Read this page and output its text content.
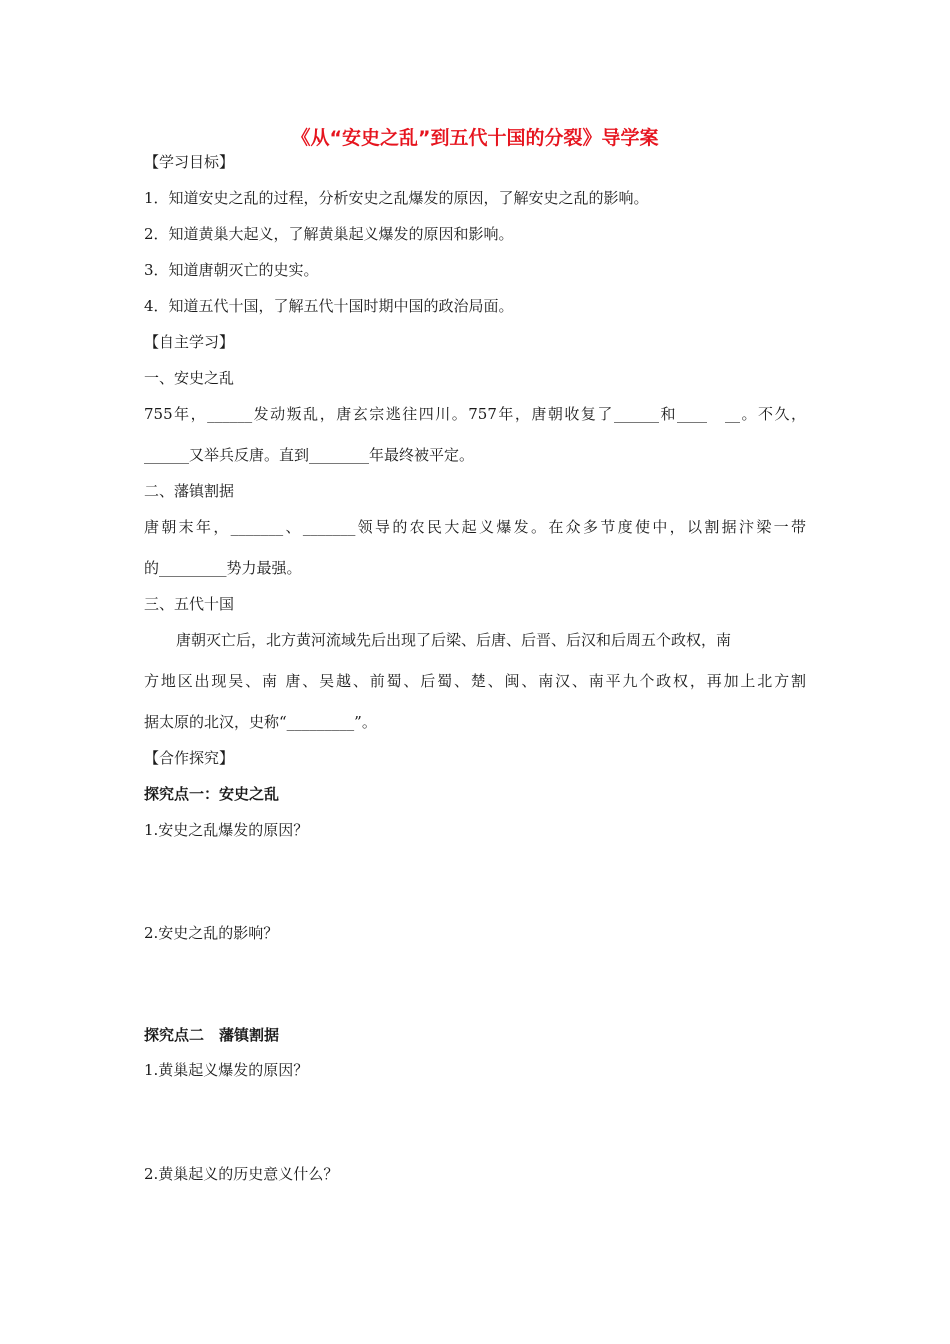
《从“安史之乱”到五代十国的分裂》导学案
【学习目标】
1．知道安史之乱的过程，分析安史之乱爆发的原因，了解安史之乱的影响。
2．知道黄巢大起义，了解黄巢起义爆发的原因和影响。
3．知道唐朝灭亡的史实。
4．知道五代十国，了解五代十国时期中国的政治局面。
【自主学习】
一、安史之乱
755年，______发动叛乱，唐玄宗逃往四川。757年，唐朝收复了______和____　__。不久，
______又举兵反唐。直到________年最终被平定。
二、藩镇割据
唐朝末年，_______、_______领导的农民大起义爆发。在众多节度使中，以割据汴梁一带
的_________势力最强。
三、五代十国
唐朝灭亡后，北方黄河流域先后出现了后梁、后唐、后晋、后汉和后周五个政权，南
方地区出现吴、南 唐、吴越、前蜀、后蜀、楚、闽、南汉、南平九个政权，再加上北方割
据太原的北汉，史称“_________”。
【合作探究】
探究点一：安史之乱
1.安史之乱爆发的原因？
2.安史之乱的影响？
探究点二　藩镇割据
1.黄巢起义爆发的原因？
2.黄巢起义的历史意义什么？
